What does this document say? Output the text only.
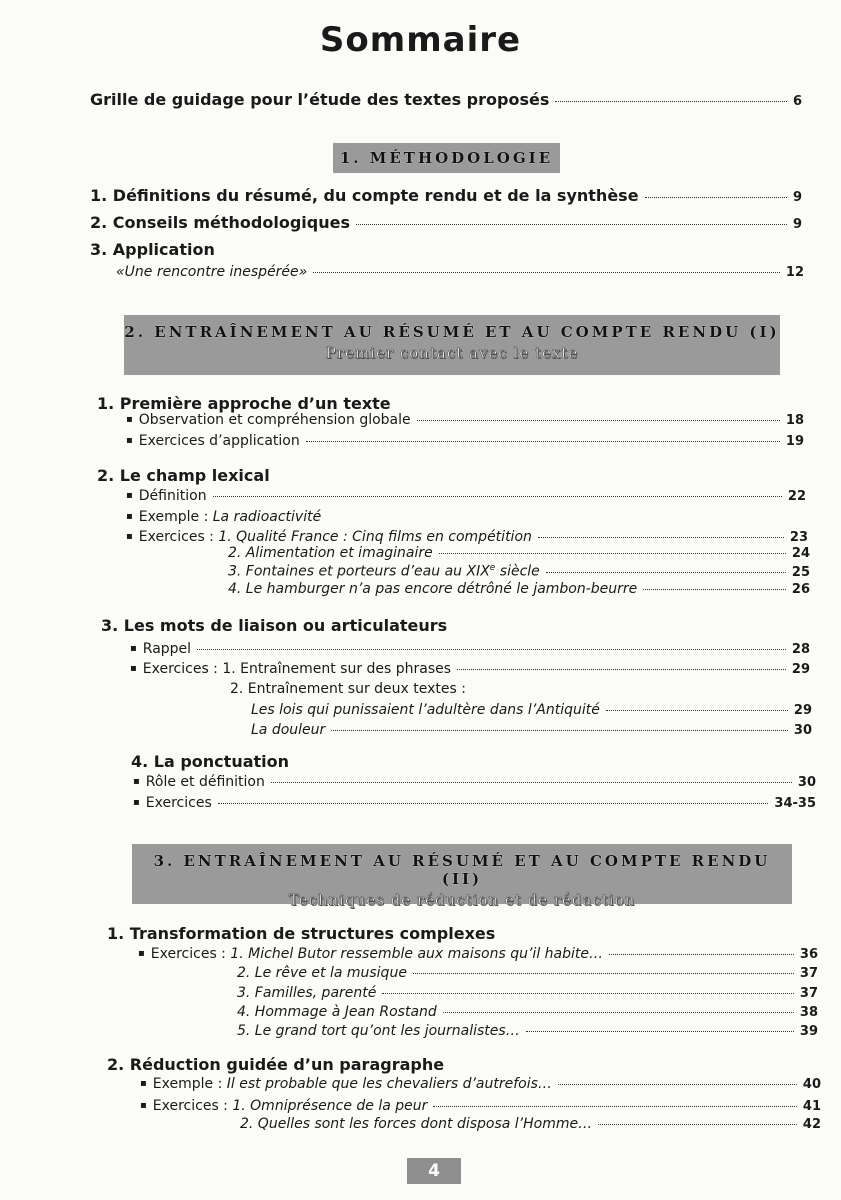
Sommaire
Grille de guidage pour l’étude des textes proposés	6
1. MÉTHODOLOGIE
1. Définitions du résumé, du compte rendu et de la synthèse	9
2. Conseils méthodologiques	9
3. Application
«Une rencontre inespérée»	12
2. ENTRAÎNEMENT AU RÉSUMÉ ET AU COMPTE RENDU (I)
Premier contact avec le texte
1. Première approche d’un texte
▪ Observation et compréhension globale	18
▪ Exercices d’application	19
2. Le champ lexical
▪ Définition	22
▪ Exemple : La radioactivité
▪ Exercices : 1. Qualité France : Cinq films en compétition	23
2. Alimentation et imaginaire	24
3. Fontaines et porteurs d’eau au XIXe siècle	25
4. Le hamburger n’a pas encore détrôné le jambon-beurre	26
3. Les mots de liaison ou articulateurs
▪ Rappel	28
▪ Exercices : 1. Entraînement sur des phrases	29
2. Entraînement sur deux textes :
Les lois qui punissaient l’adultère dans l’Antiquité	29
La douleur	30
4. La ponctuation
▪ Rôle et définition	30
▪ Exercices	34-35
3. ENTRAÎNEMENT AU RÉSUMÉ ET AU COMPTE RENDU (II)
Techniques de réduction et de rédaction
1. Transformation de structures complexes
▪ Exercices : 1. Michel Butor ressemble aux maisons qu’il habite…	36
2. Le rêve et la musique	37
3. Familles, parenté	37
4. Hommage à Jean Rostand	38
5. Le grand tort qu’ont les journalistes…	39
2. Réduction guidée d’un paragraphe
▪ Exemple : Il est probable que les chevaliers d’autrefois…	40
▪ Exercices : 1. Omniprésence de la peur	41
2. Quelles sont les forces dont disposa l’Homme…	42
4
